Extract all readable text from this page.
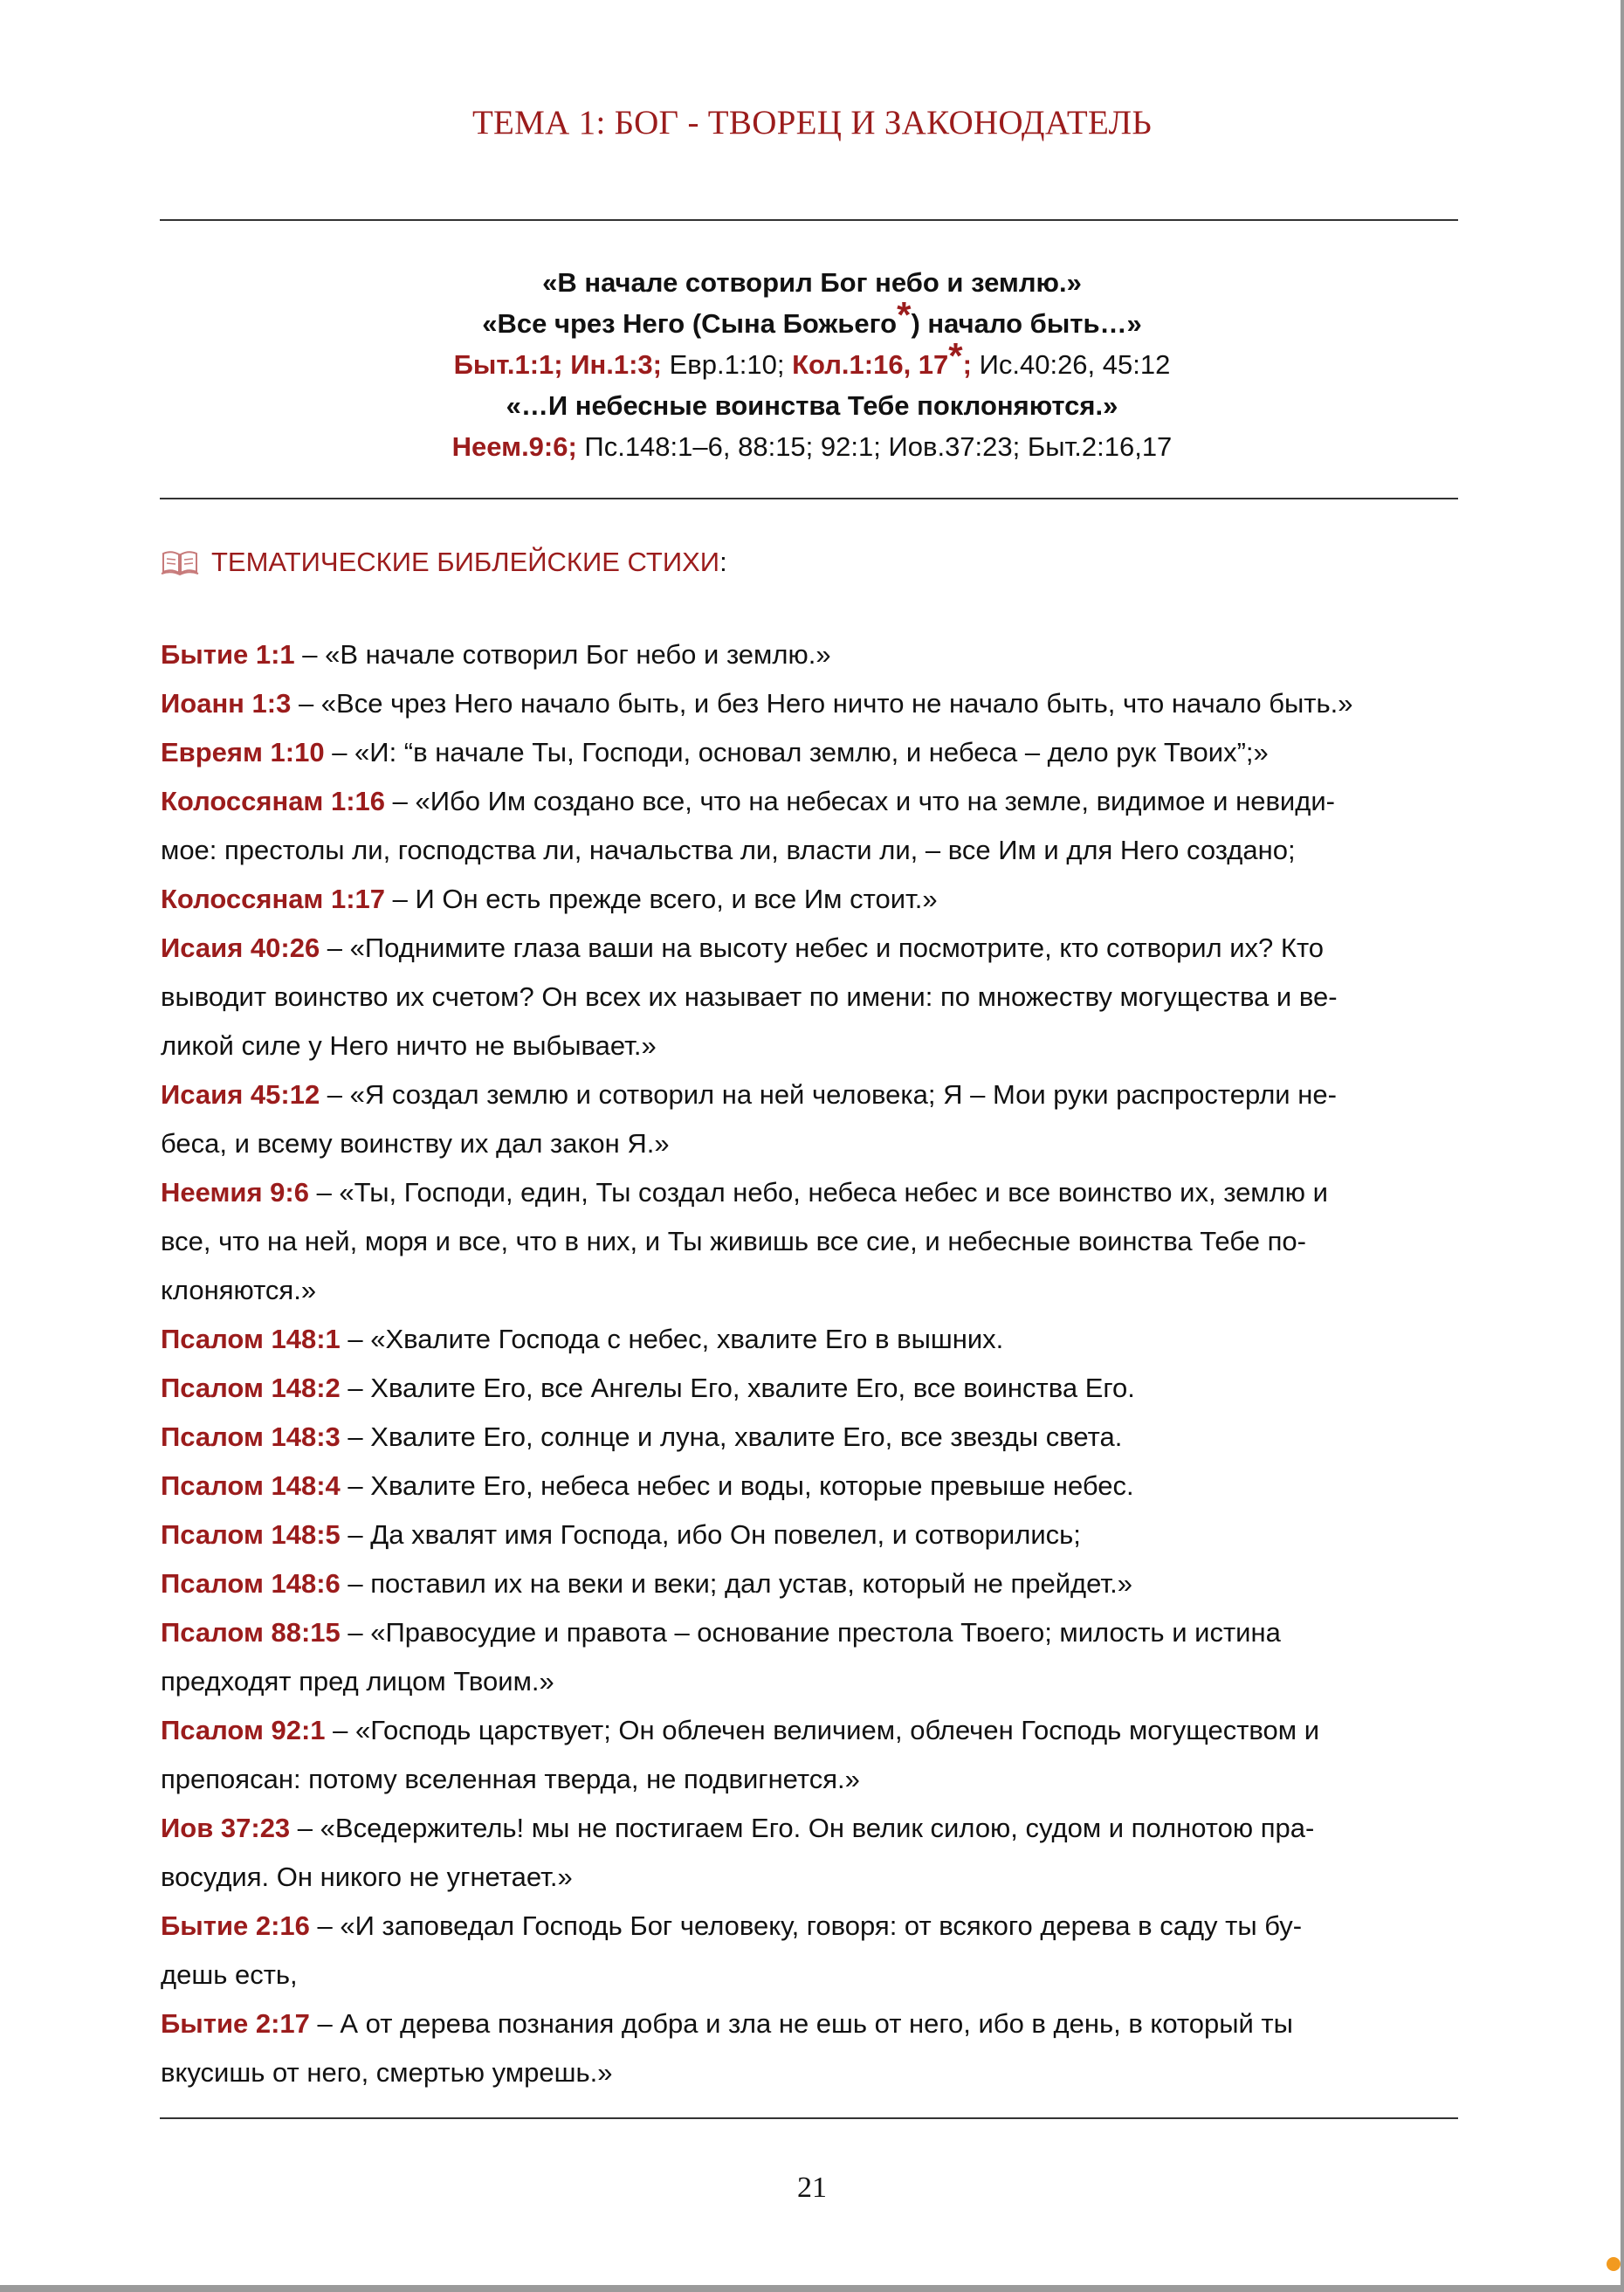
ТЕМА 1: БОГ - ТВОРЕЦ И ЗАКОНОДАТЕЛЬ
«В начале сотворил Бог небо и землю.»
«Все чрез Него (Сына Божьего*) начало быть…»
Быт.1:1; Ин.1:3; Евр.1:10; Кол.1:16, 17*; Ис.40:26, 45:12
«…И небесные воинства Тебе поклоняются.»
Неем.9:6; Пс.148:1–6, 88:15; 92:1; Иов.37:23; Быт.2:16,17
ТЕМАТИЧЕСКИЕ БИБЛЕЙСКИЕ СТИХИ :
Бытие 1:1 – «В начале сотворил Бог небо и землю.»
Иоанн 1:3 – «Все чрез Него начало быть, и без Него ничто не начало быть, что начало быть.»
Евреям 1:10 – «И: “в начале Ты, Господи, основал землю, и небеса – дело рук Твоих”;»
Колоссянам 1:16 – «Ибо Им создано все, что на небесах и что на земле, видимое и невиди-
мое: престолы ли, господства ли, начальства ли, власти ли, – все Им и для Него создано;
Колоссянам 1:17 – И Он есть прежде всего, и все Им стоит.»
Исаия 40:26 – «Поднимите глаза ваши на высоту небес и посмотрите, кто сотворил их? Кто
выводит воинство их счетом? Он всех их называет по имени: по множеству могущества и ве-
ликой силе у Него ничто не выбывает.»
Исаия 45:12 – «Я создал землю и сотворил на ней человека; Я – Мои руки распростерли не-
беса, и всему воинству их дал закон Я.»
Неемия 9:6 – «Ты, Господи, един, Ты создал небо, небеса небес и все воинство их, землю и
все, что на ней, моря и все, что в них, и Ты живишь все сие, и небесные воинства Тебе по-
клоняются.»
Псалом 148:1 – «Хвалите Господа с небес, хвалите Его в вышних.
Псалом 148:2 – Хвалите Его, все Ангелы Его, хвалите Его, все воинства Его.
Псалом 148:3 – Хвалите Его, солнце и луна, хвалите Его, все звезды света.
Псалом 148:4 – Хвалите Его, небеса небес и воды, которые превыше небес.
Псалом 148:5 – Да хвалят имя Господа, ибо Он повелел, и сотворились;
Псалом 148:6 – поставил их на веки и веки; дал устав, который не прейдет.»
Псалом 88:15 – «Правосудие и правота – основание престола Твоего; милость и истина
предходят пред лицом Твоим.»
Псалом 92:1 – «Господь царствует; Он облечен величием, облечен Господь могуществом и
препоясан: потому вселенная тверда, не подвигнется.»
Иов 37:23 – «Вседержитель! мы не постигаем Его. Он велик силою, судом и полнотою пра-
восудия. Он никого не угнетает.»
Бытие 2:16 – «И заповедал Господь Бог человеку, говоря: от всякого дерева в саду ты бу-
дешь есть,
Бытие 2:17 – А от дерева познания добра и зла не ешь от него, ибо в день, в который ты
вкусишь от него, смертью умрешь.»
21
